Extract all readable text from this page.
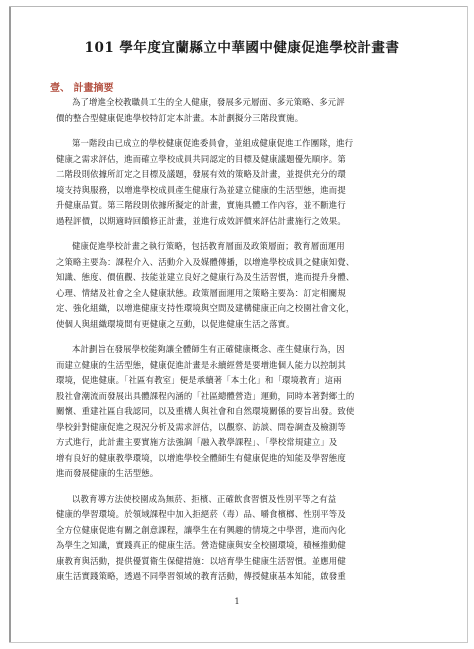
101 學年度宜蘭縣立中華國中健康促進學校計畫書
壹、 計畫摘要
為了增進全校教職員工生的全人健康，發展多元層面、多元策略、多元評
價的整合型健康促進學校特訂定本計畫。本計劃擬分三階段實施。
第一階段由已成立的學校健康促進委員會，並組成健康促進工作團隊，進行
健康之需求評估，進而確立學校成員共同認定的目標及健康議題優先順序。第
二階段則依據所訂定之目標及議題，發展有效的策略及計畫，並提供充分的環
境支持與服務，以增進學校成員產生健康行為並建立健康的生活型態，進而提
升健康品質。第三階段則依據所擬定的計畫，實施具體工作內容，並不斷進行
過程評價，以期適時回饋修正計畫，並進行成效評價來評估計畫施行之效果。
健康促進學校計畫之執行策略，包括教育層面及政策層面；教育層面運用
之策略主要為：課程介入、活動介入及媒體傳播，以增進學校成員之健康知覺、
知識、態度、價值觀、技能並建立良好之健康行為及生活習慣，進而提升身體、
心理、情緒及社會之全人健康狀態。政策層面運用之策略主要為：訂定相關規
定、強化組織，以增進健康支持性環境與空間及建構健康正向之校園社會文化，
使個人與組織環境間有更健康之互動，以促進健康生活之落實。
本計劃旨在發展學校能夠讓全體師生有正確健康概念、產生健康行為，因
而建立健康的生活型態，健康促進計畫是永續經營是要增進個人能力以控制其
環境，促進健康。「社區有教室」便是承續著「本土化」和「環境教育」這兩
股社會潮流而發展出具體課程內涵的「社區總體營造」運動，同時本著對鄉土的
關懷、重建社區自我認同，以及重構人與社會和自然環境關係的要旨出發。致使
學校針對健康促進之現況分析及需求評估，以觀察、訪談、問卷調查及檢測等
方式進行，此計畫主要實施方法強調「融入教學課程」、「學校常規建立」及
增有良好的健康教學環境，以增進學校全體師生有健康促進的知能及學習態度
進而發展健康的生活型態。
以教育導方法使校園成為無菸、拒檳、正確飲食習慣及性別平等之有益
健康的學習環境。於領域課程中加入拒絕菸（毒）品、嚼食檳榔、性別平等及
全方位健康促進有關之創意課程，讓學生在有興趣的情境之中學習，進而內化
為學生之知識，實踐真正的健康生活。營造健康與安全校園環境，積極推動健
康教育與活動，提供優質衛生保健措施：以培育學生健康生活習慣。並應用健
康生活實踐策略，透過不同學習領域的教育活動，傳授健康基本知能，啟發重
1
